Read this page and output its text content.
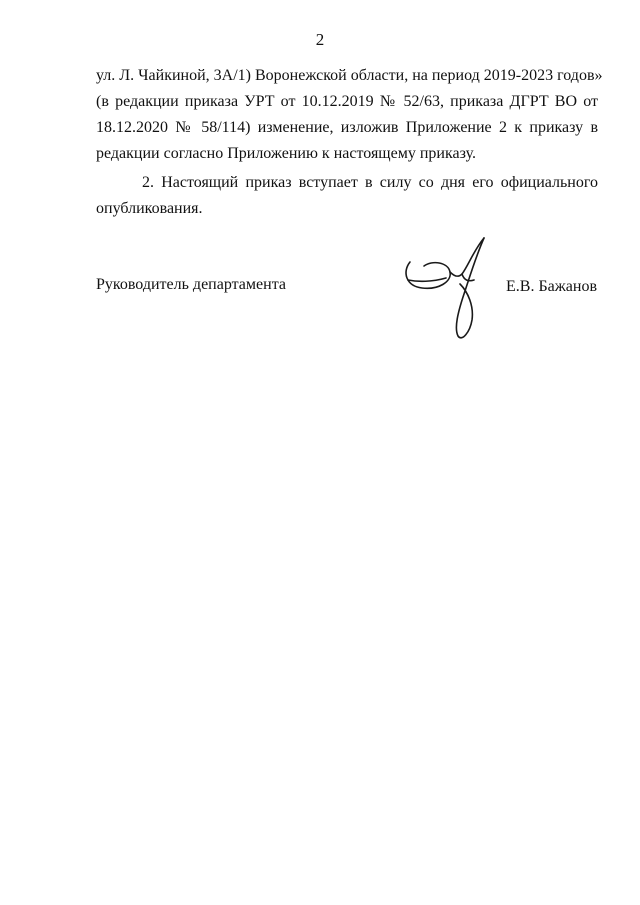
2
ул. Л. Чайкиной, 3А/1) Воронежской области, на период 2019-2023 годов»
(в редакции приказа УРТ от 10.12.2019 № 52/63, приказа ДГРТ ВО от
18.12.2020 № 58/114) изменение, изложив Приложение 2 к приказу в
редакции согласно Приложению к настоящему приказу.
2. Настоящий приказ вступает в силу со дня его официального
опубликования.
Руководитель департамента	Е.В. Бажанов
